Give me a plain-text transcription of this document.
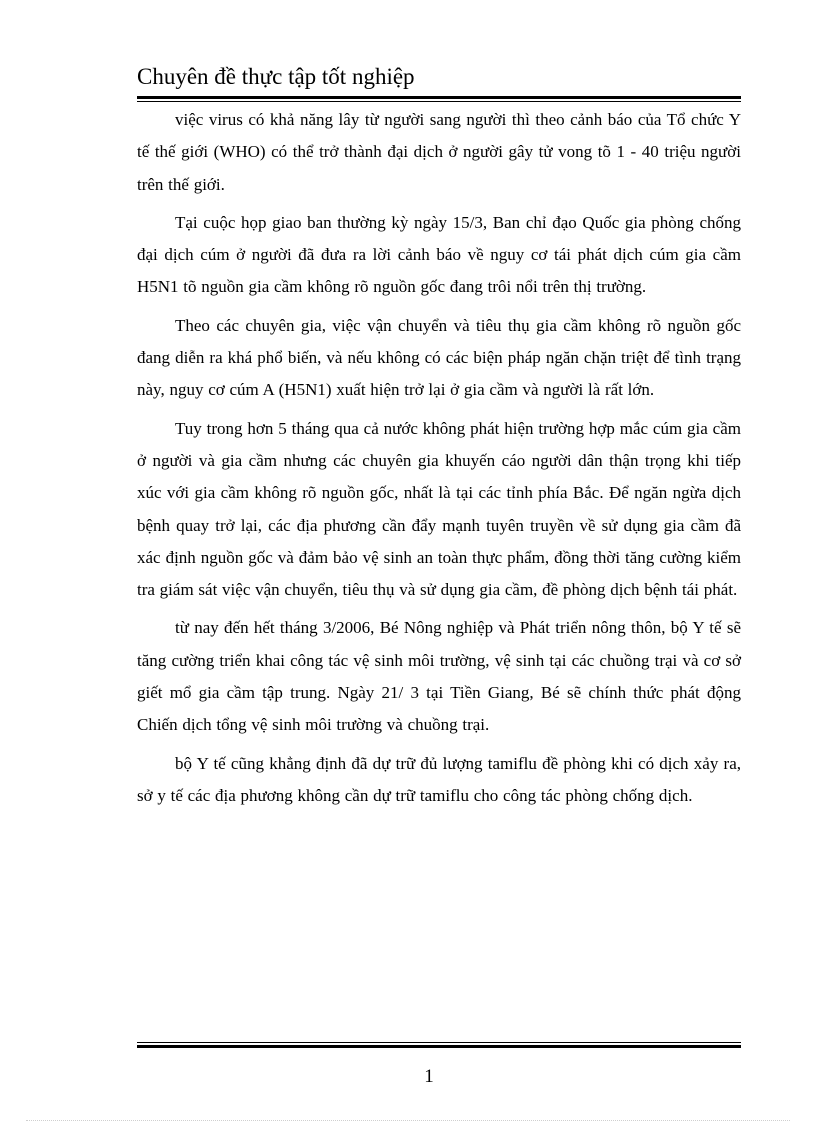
Chuyên đề thực tập tốt nghiệp

việc virus có khả năng lây từ người sang người thì theo cảnh báo của Tổ chức Y tế thế giới (WHO) có thể trở thành đại dịch ở người gây tử vong tõ 1 - 40 triệu người trên thế giới.

Tại cuộc họp giao ban thường kỳ ngày 15/3, Ban chỉ đạo Quốc gia phòng chống đại dịch cúm ở người đã đưa ra lời cảnh báo về nguy cơ tái phát dịch cúm gia cầm H5N1 tõ nguồn gia cầm không rõ nguồn gốc đang trôi nổi trên thị trường.

Theo các chuyên gia, việc vận chuyển và tiêu thụ gia cầm không rõ nguồn gốc đang diễn ra khá phổ biến, và nếu không có các biện pháp ngăn chặn triệt để tình trạng này, nguy cơ cúm A (H5N1) xuất hiện trở lại ở gia cầm và người là rất lớn.

Tuy trong hơn 5 tháng qua cả nước không phát hiện trường hợp mắc cúm gia cầm ở người và gia cầm nhưng các chuyên gia khuyến cáo người dân thận trọng khi tiếp xúc với gia cầm không rõ nguồn gốc, nhất là tại các tỉnh phía Bắc. Để ngăn ngừa dịch bệnh quay trở lại, các địa phương cần đẩy mạnh tuyên truyền về sử dụng gia cầm đã xác định nguồn gốc và đảm bảo vệ sinh an toàn thực phẩm, đồng thời tăng cường kiểm tra giám sát việc vận chuyển, tiêu thụ và sử dụng gia cầm, đề phòng dịch bệnh tái phát.

từ nay đến hết tháng 3/2006, Bé Nông nghiệp và Phát triển nông thôn, bộ Y tế sẽ tăng cường triển khai công tác vệ sinh môi trường, vệ sinh tại các chuồng trại và cơ sở giết mổ gia cầm tập trung. Ngày 21/ 3 tại Tiền Giang, Bé sẽ chính thức phát động Chiến dịch tổng vệ sinh môi trường và chuồng trại.

bộ Y tế cũng khẳng định đã dự trữ đủ lượng tamiflu đề phòng khi có dịch xảy ra, sở y tế các địa phương không cần dự trữ tamiflu cho công tác phòng chống dịch.

1
